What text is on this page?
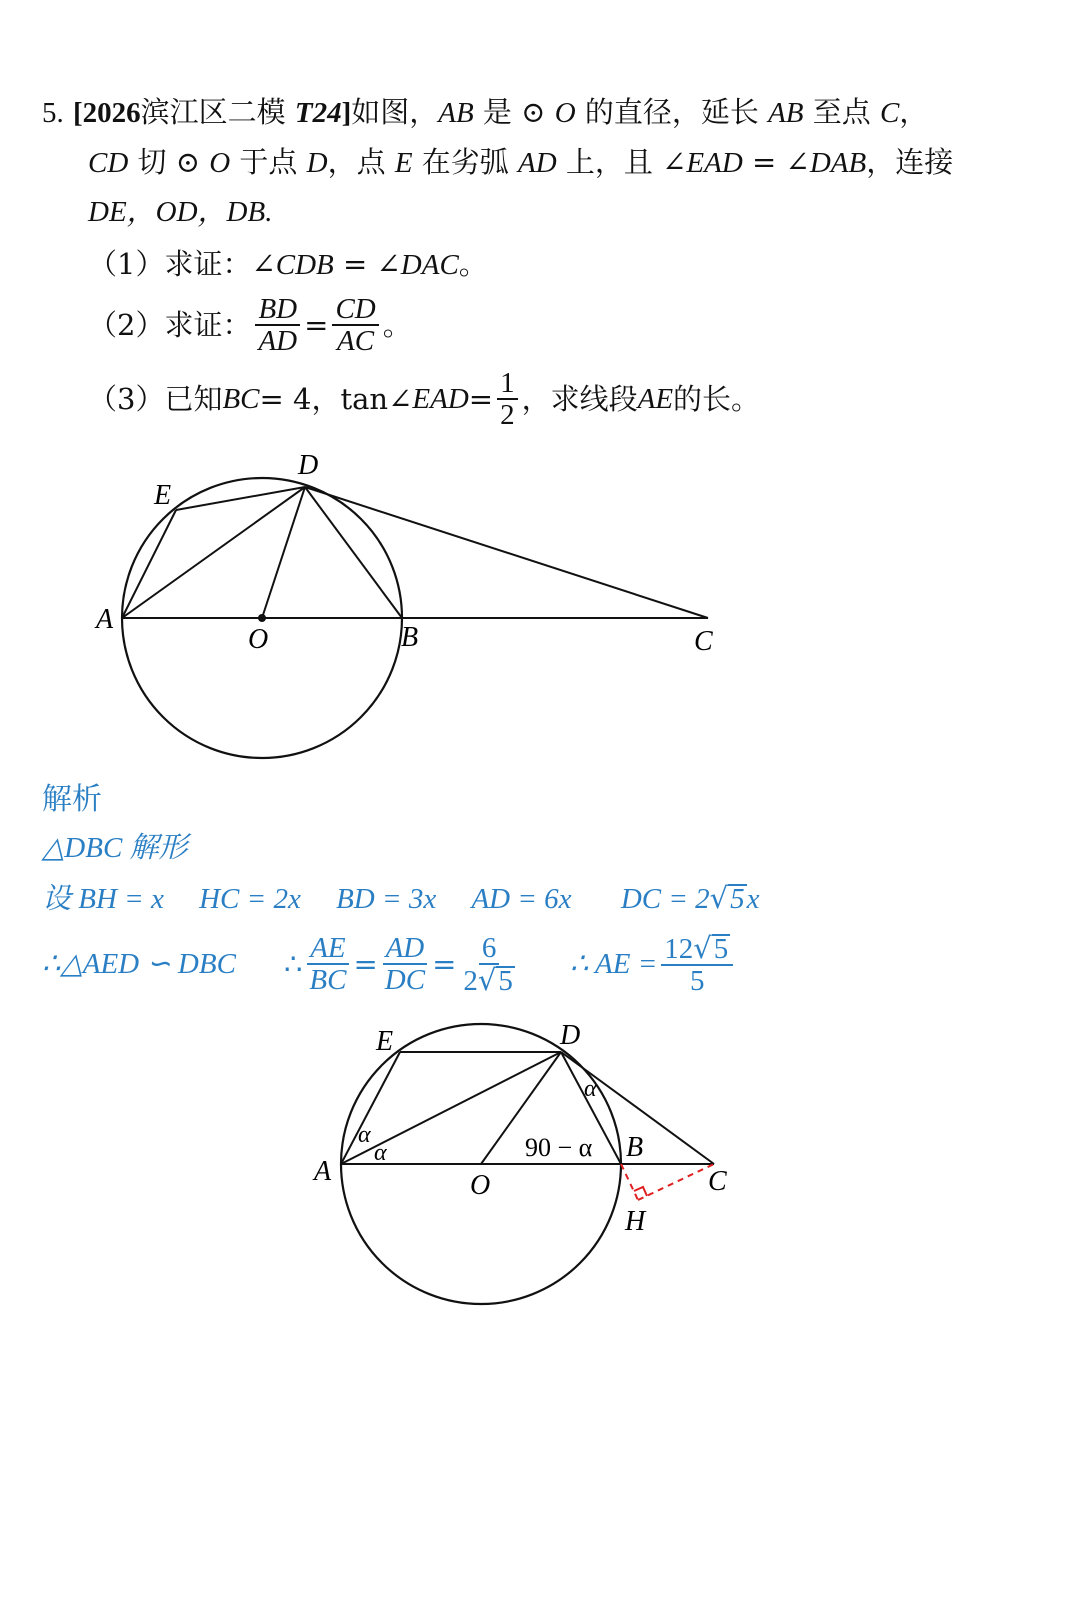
5. [2026滨江区二模 T24]如图，AB 是 ⊙ O 的直径，延长 AB 至点 C，
CD 切 ⊙ O 于点 D，点 E 在劣弧 AD 上，且 ∠EAD = ∠DAB，连接
DE，OD，DB.
（1）求证：∠CDB = ∠DAC。
（2）求证： $\frac{BD}{AD} = \frac{CD}{AC}$ 。
（3）已知 BC = 4，tan∠ EAD = $\frac{1}{2}$ ，求线段 AE 的长。
A
O	B	C
D
E
解析
△DBC 解形
设 BH = x HC = 2x BD = 3x AD = 6x DC = 2√5x
∴△AED ∽ DBC ∴ $\frac{AE}{BC} = \frac{AD}{DC} = \frac{6}{2√5}$ ∴ AE = $\frac{12√5}{5}$
A	O
B
C
D
E
H
α
α
α
90 − α
